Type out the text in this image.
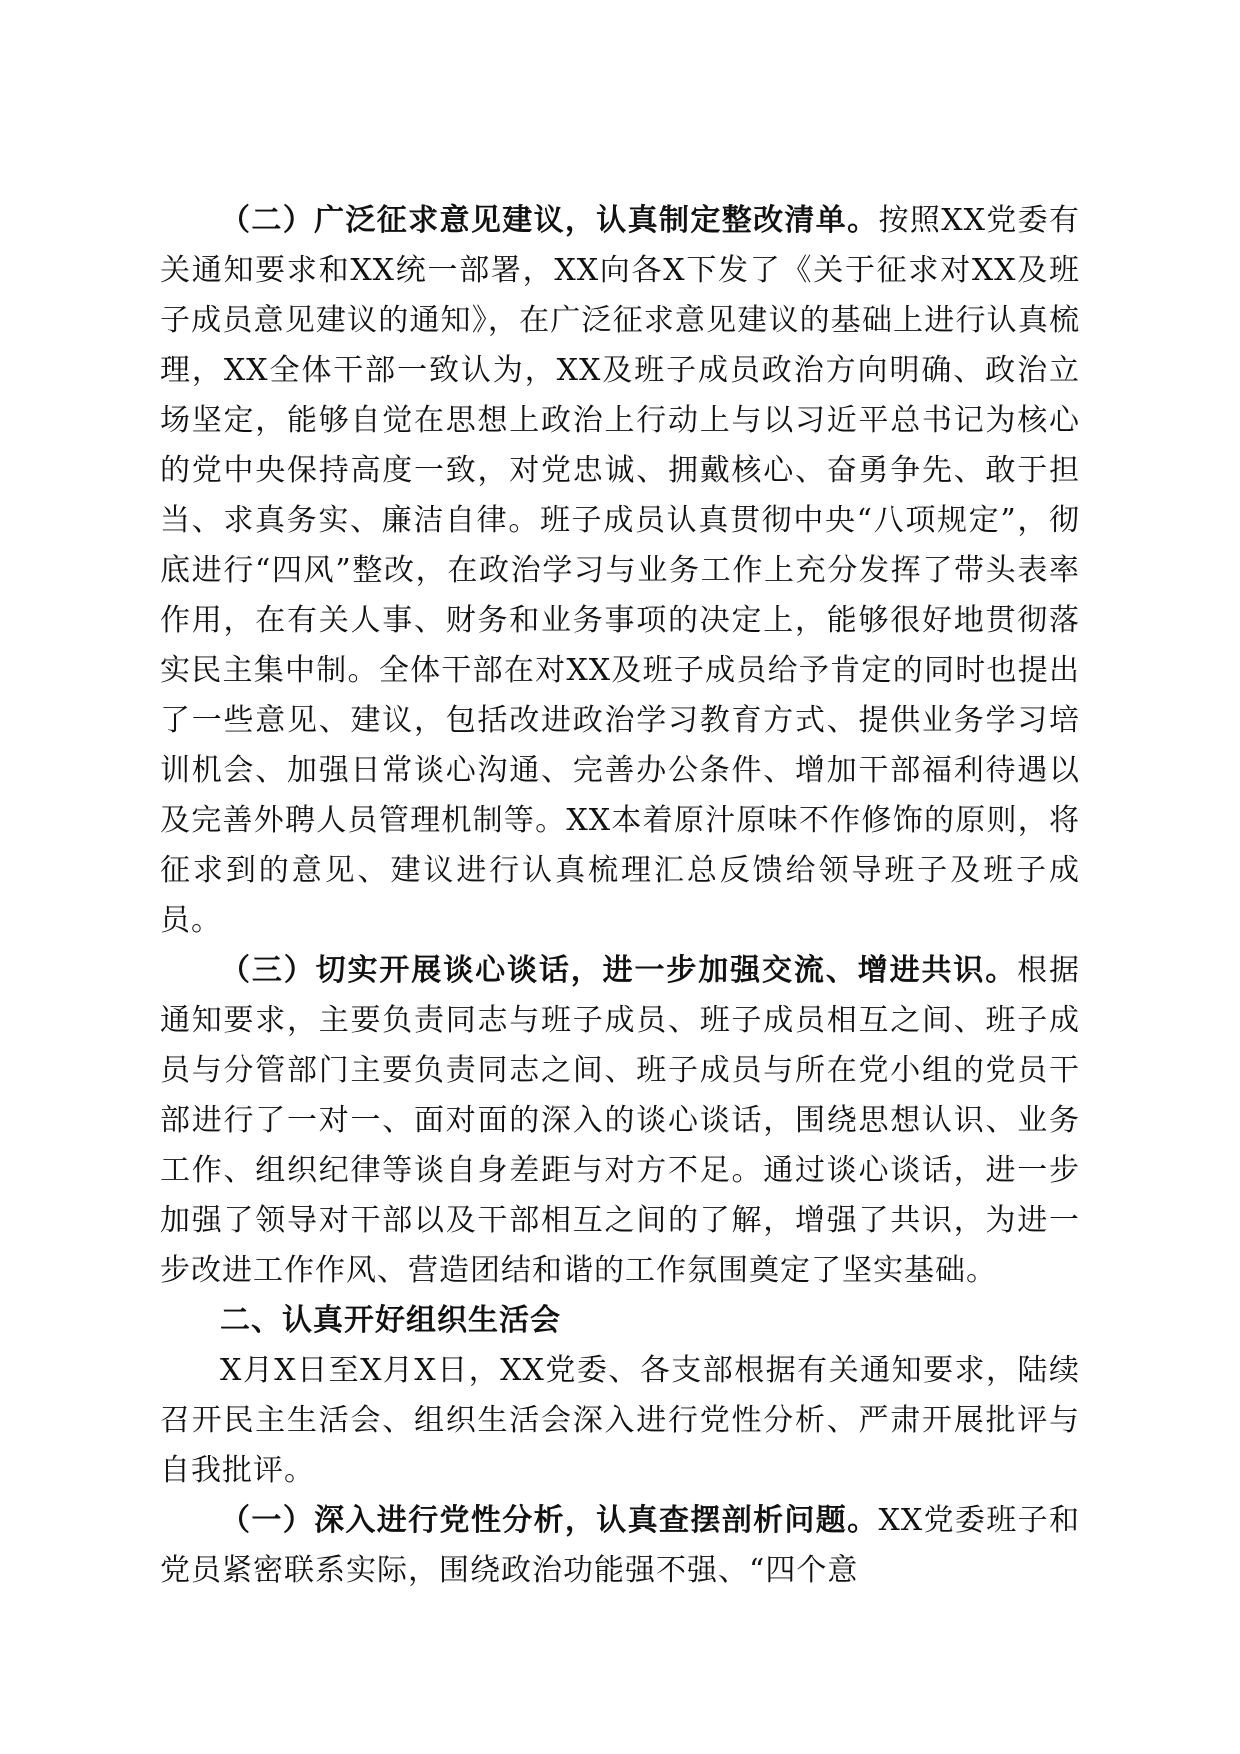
（二）广泛征求意见建议，认真制定整改清单。按照XX党委有关通知要求和XX统一部署，XX向各X下发了《关于征求对XX及班子成员意见建议的通知》，在广泛征求意见建议的基础上进行认真梳理，XX全体干部一致认为，XX及班子成员政治方向明确、政治立场坚定，能够自觉在思想上政治上行动上与以习近平总书记为核心的党中央保持高度一致，对党忠诚、拥戴核心、奋勇争先、敢于担当、求真务实、廉洁自律。班子成员认真贯彻中央“八项规定”，彻底进行“四风”整改，在政治学习与业务工作上充分发挥了带头表率作用，在有关人事、财务和业务事项的决定上，能够很好地贯彻落实民主集中制。全体干部在对XX及班子成员给予肯定的同时也提出了一些意见、建议，包括改进政治学习教育方式、提供业务学习培训机会、加强日常谈心沟通、完善办公条件、增加干部福利待遇以及完善外聘人员管理机制等。XX本着原汁原味不作修饰的原则，将征求到的意见、建议进行认真梳理汇总反馈给领导班子及班子成员。

（三）切实开展谈心谈话，进一步加强交流、增进共识。根据通知要求，主要负责同志与班子成员、班子成员相互之间、班子成员与分管部门主要负责同志之间、班子成员与所在党小组的党员干部进行了一对一、面对面的深入的谈心谈话，围绕思想认识、业务工作、组织纪律等谈自身差距与对方不足。通过谈心谈话，进一步加强了领导对干部以及干部相互之间的了解，增强了共识，为进一步改进工作作风、营造团结和谐的工作氛围奠定了坚实基础。

二、认真开好组织生活会

X月X日至X月X日，XX党委、各支部根据有关通知要求，陆续召开民主生活会、组织生活会深入进行党性分析、严肃开展批评与自我批评。

（一）深入进行党性分析，认真查摆剖析问题。XX党委班子和党员紧密联系实际，围绕政治功能强不强、“四个意
